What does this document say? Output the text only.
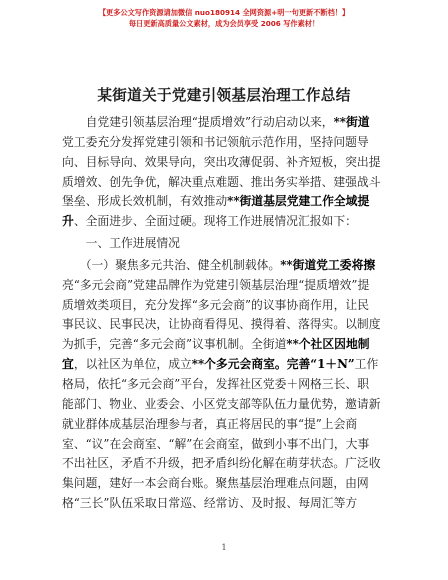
【更多公文写作资源请加微信 nuo180914 全网资源+明一句更新不断档！】
每日更新高质量公文素材，成为会员享受 2006 写作素材！
某街道关于党建引领基层治理工作总结
　　自党建引领基层治理“提质增效”行动启动以来，**街道
党工委充分发挥党建引领和书记领航示范作用，坚持问题导
向、目标导向、效果导向，突出攻薄促弱、补齐短板，突出提
质增效、创先争优，解决重点难题、推出务实举措、建强战斗
堡垒、形成长效机制，有效推动**街道基层党建工作全域提
升、全面进步、全面过硬。现将工作进展情况汇报如下：
　　一、工作进展情况
　　（一）聚焦多元共治、健全机制载体。**街道党工委将擦
亮“多元会商”党建品牌作为党建引领基层治理“提质增效”提
质增效类项目，充分发挥“多元会商”的议事协商作用，让民
事民议、民事民决，让协商看得见、摸得着、落得实。以制度
为抓手，完善“多元会商”议事机制。全街道**个社区因地制
宜，以社区为单位，成立**个多元会商室。完善“1＋N”工作
格局，依托“多元会商”平台，发挥社区党委＋网格三长、职
能部门、物业、业委会、小区党支部等队伍力量优势，邀请新
就业群体成基层治理参与者，真正将居民的事“提”上会商
室、“议”在会商室、“解”在会商室，做到小事不出门，大事
不出社区，矛盾不升级，把矛盾纠纷化解在萌芽状态。广泛收
集问题，建好一本会商台账。聚焦基层治理难点问题，由网
格“三长”队伍采取日常巡、经常访、及时报、每周汇等方
1
